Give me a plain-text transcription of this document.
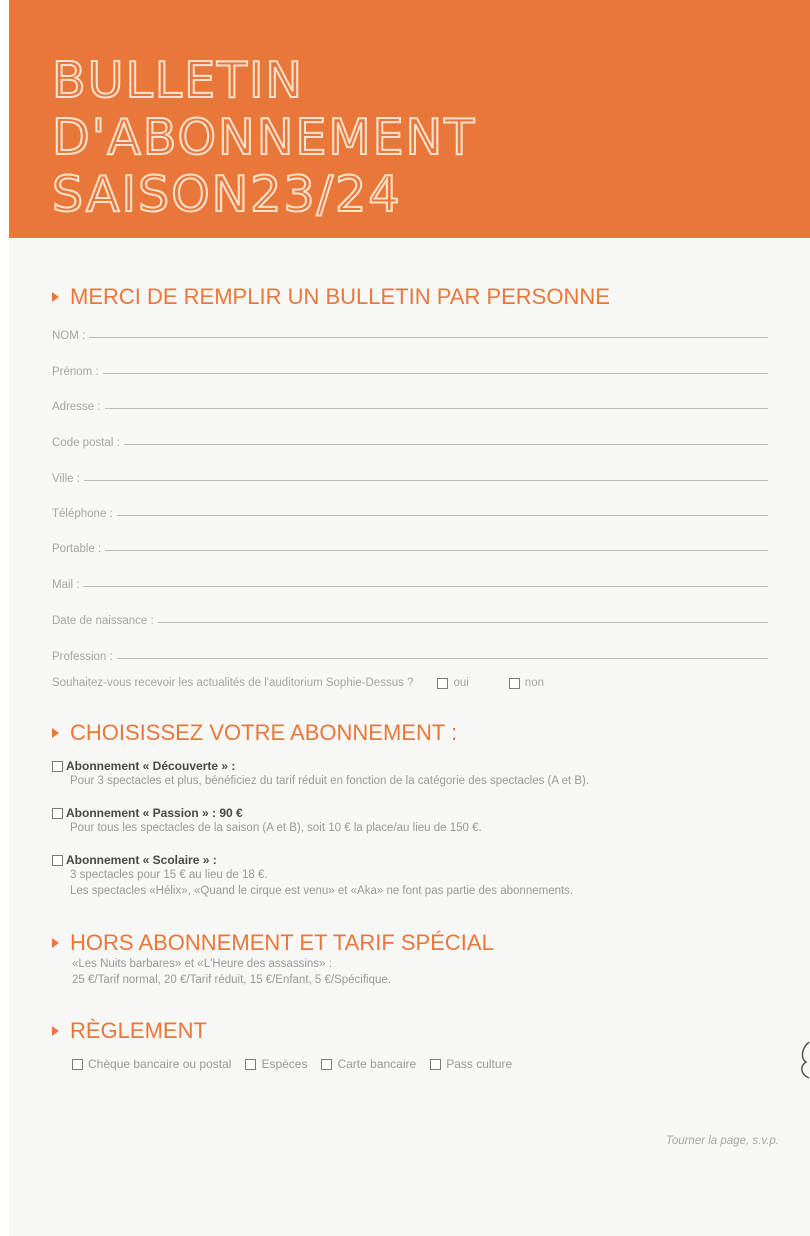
BULLETIN
D'ABONNEMENT
SAISON23/24
MERCI DE REMPLIR UN BULLETIN PAR PERSONNE
NOM :
Prénom :
Adresse :
Code postal :
Ville :
Téléphone :
Portable :
Mail :
Date de naissance :
Profession :
Souhaitez-vous recevoir les actualités de l'auditorium Sophie-Dessus ?	oui	non
CHOISISSEZ VOTRE ABONNEMENT :
Abonnement « Découverte » :
Pour 3 spectacles et plus, bénéficiez du tarif réduit en fonction de la catégorie des spectacles (A et B).
Abonnement « Passion » : 90 €
Pour tous les spectacles de la saison (A et B), soit 10 € la place/au lieu de 150 €.
Abonnement « Scolaire » :
3 spectacles pour 15 € au lieu de 18 €.
Les spectacles «Hélix», «Quand le cirque est venu» et «Aka» ne font pas partie des abonnements.
HORS ABONNEMENT ET TARIF SPÉCIAL
«Les Nuits barbares» et «L'Heure des assassins» :
25 €/Tarif normal, 20 €/Tarif réduit, 15 €/Enfant, 5 €/Spécifique.
RÈGLEMENT
Chèque bancaire ou postal	Espèces	Carte bancaire	Pass culture
Tourner la page, s.v.p.
